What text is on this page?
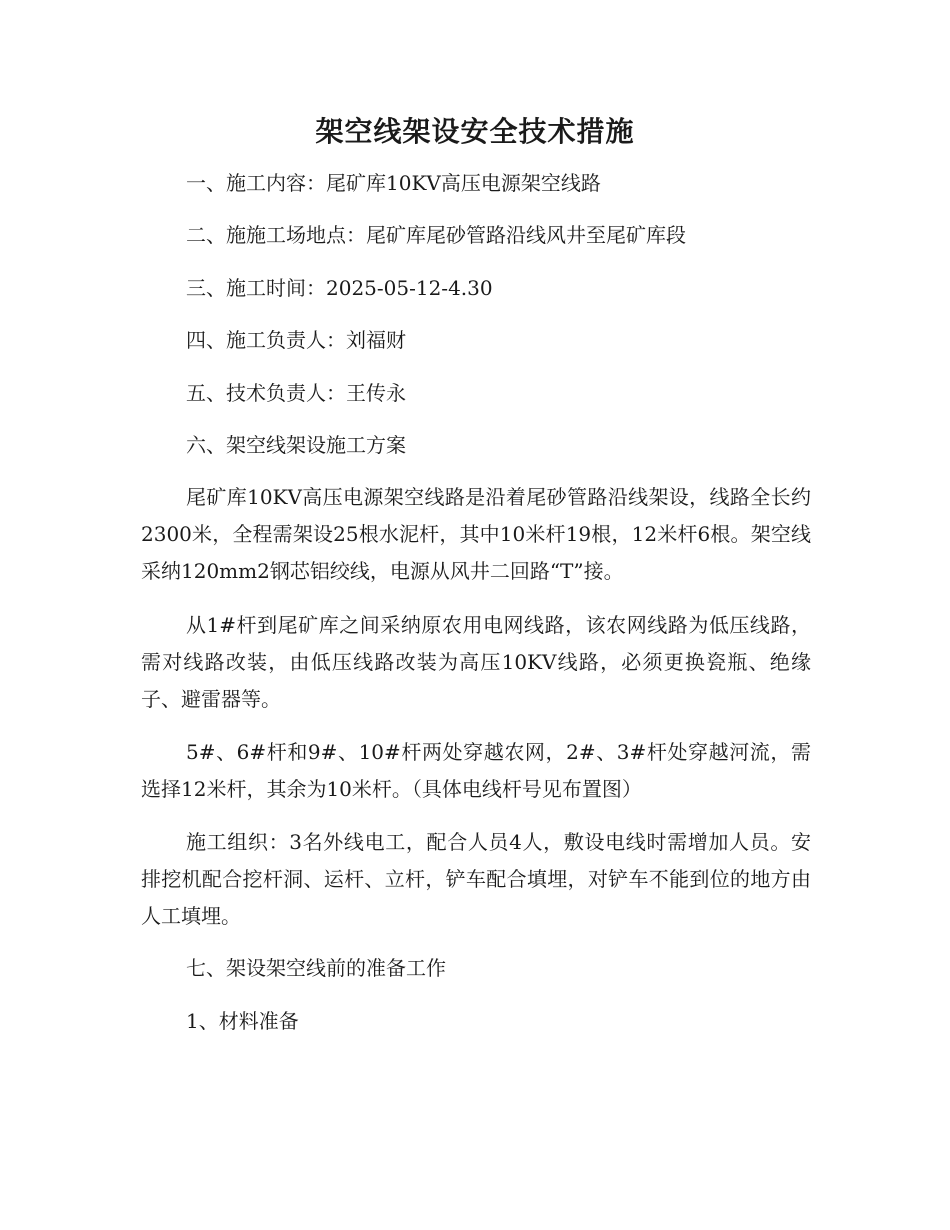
架空线架设安全技术措施

一、施工内容：尾矿库10KV高压电源架空线路

二、施施工场地点：尾矿库尾砂管路沿线风井至尾矿库段

三、施工时间：2025-05-12-4.30

四、施工负责人：刘福财

五、技术负责人：王传永

六、架空线架设施工方案

尾矿库10KV高压电源架空线路是沿着尾砂管路沿线架设，线路全长约2300米，全程需架设25根水泥杆，其中10米杆19根，12米杆6根。架空线采纳120mm2钢芯铝绞线，电源从风井二回路“T”接。

从1#杆到尾矿库之间采纳原农用电网线路，该农网线路为低压线路，需对线路改装，由低压线路改装为高压10KV线路，必须更换瓷瓶、绝缘子、避雷器等。

5#、6#杆和9#、10#杆两处穿越农网，2#、3#杆处穿越河流，需选择12米杆，其余为10米杆。（具体电线杆号见布置图）

施工组织：3名外线电工，配合人员4人，敷设电线时需增加人员。安排挖机配合挖杆洞、运杆、立杆，铲车配合填埋，对铲车不能到位的地方由人工填埋。

七、架设架空线前的准备工作

1、材料准备
